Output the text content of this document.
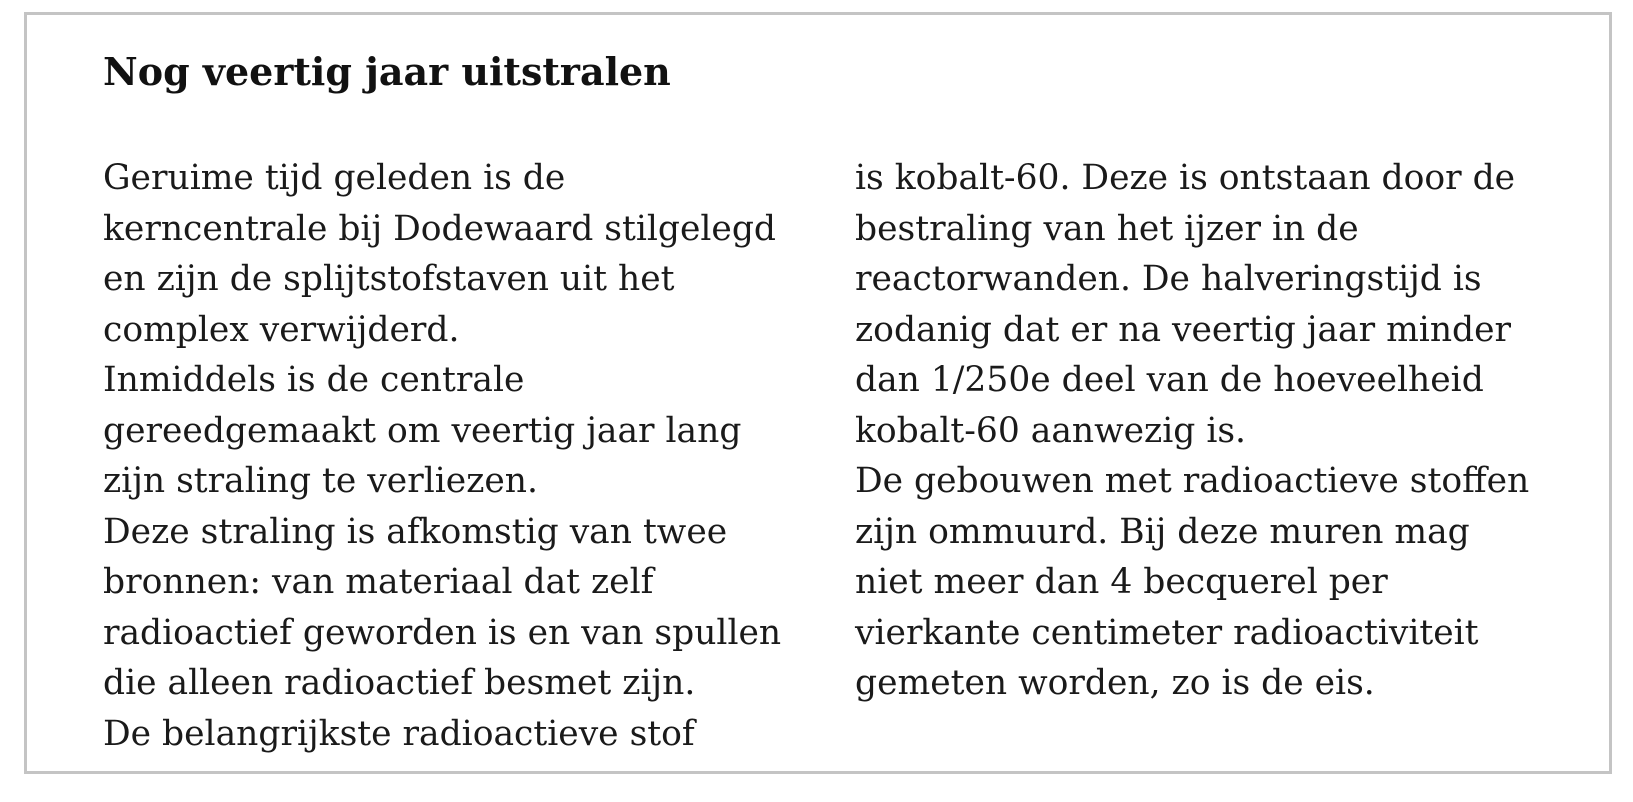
Nog veertig jaar uitstralen
Geruime tijd geleden is de
kerncentrale bij Dodewaard stilgelegd
en zijn de splijtstofstaven uit het
complex verwijderd.
Inmiddels is de centrale
gereedgemaakt om veertig jaar lang
zijn straling te verliezen.
Deze straling is afkomstig van twee
bronnen: van materiaal dat zelf
radioactief geworden is en van spullen
die alleen radioactief besmet zijn.
De belangrijkste radioactieve stof
is kobalt-60. Deze is ontstaan door de
bestraling van het ijzer in de
reactorwanden. De halveringstijd is
zodanig dat er na veertig jaar minder
dan 1/250e deel van de hoeveelheid
kobalt-60 aanwezig is.
De gebouwen met radioactieve stoffen
zijn ommuurd. Bij deze muren mag
niet meer dan 4 becquerel per
vierkante centimeter radioactiviteit
gemeten worden, zo is de eis.
